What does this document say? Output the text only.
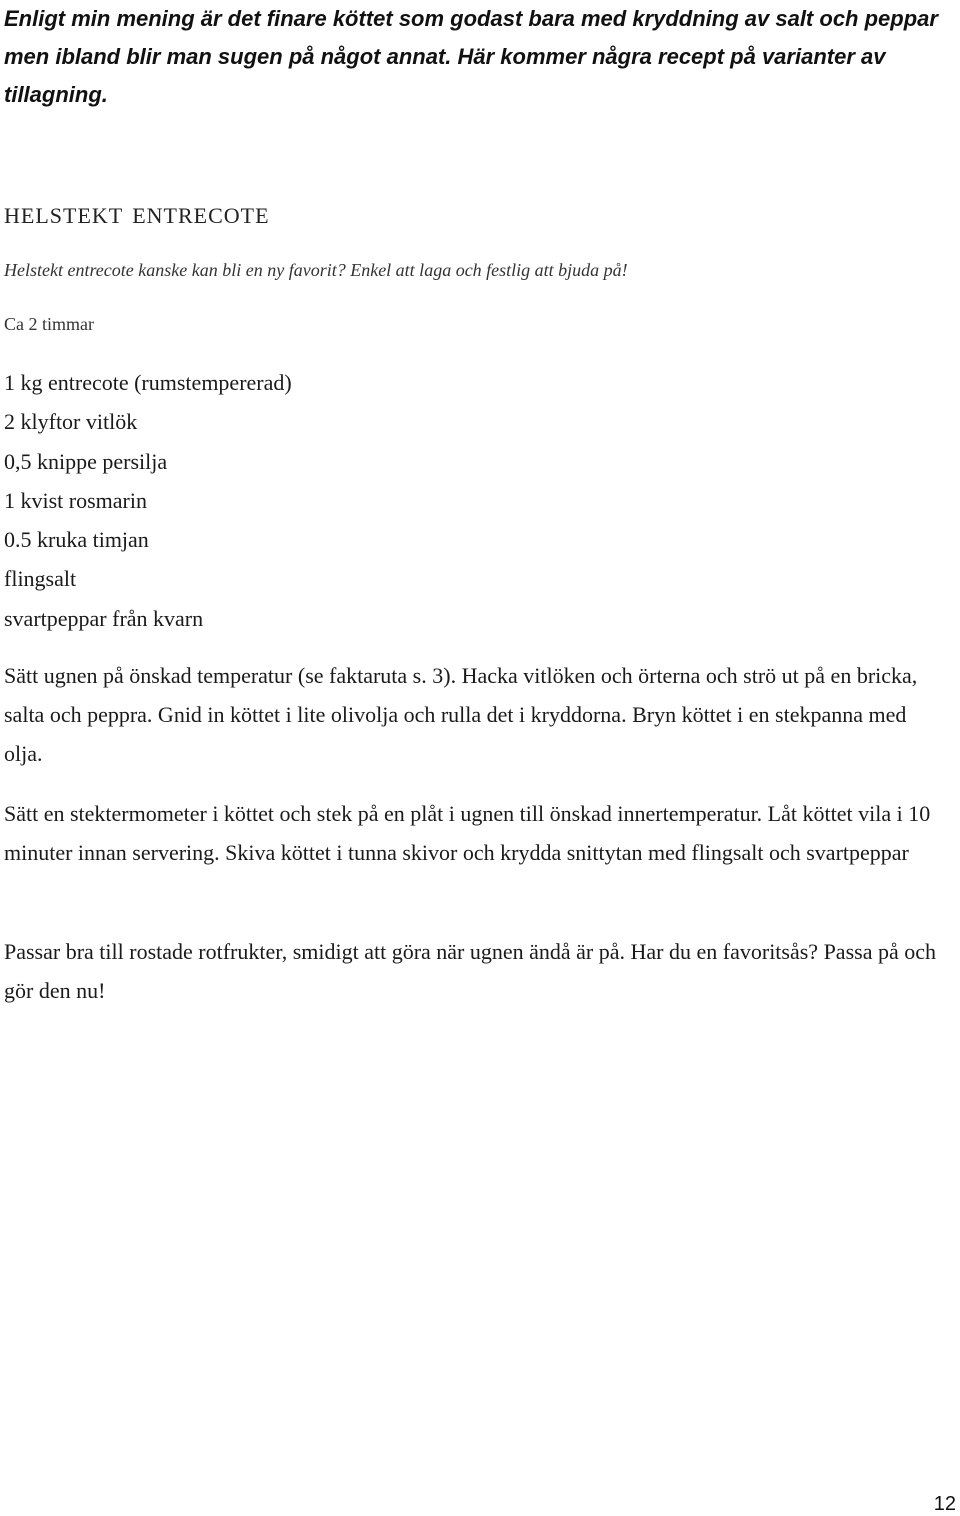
Enligt min mening är det finare köttet som godast bara med kryddning av salt och peppar men ibland blir man sugen på något annat. Här kommer några recept på varianter av tillagning.

helstekt entrecote

Helstekt entrecote kanske kan bli en ny favorit? Enkel att laga och festlig att bjuda på!

Ca 2 timmar

1 kg entrecote (rumstempererad)
2 klyftor vitlök
0,5 knippe persilja
1 kvist rosmarin
0.5 kruka timjan
flingsalt
svartpeppar från kvarn

Sätt ugnen på önskad temperatur (se faktaruta s. 3). Hacka vitlöken och örterna och strö ut på en bricka, salta och peppra. Gnid in köttet i lite olivolja och rulla det i kryddorna. Bryn köttet i en stekpanna med olja.

Sätt en stektermometer i köttet och stek på en plåt i ugnen till önskad innertemperatur. Låt köttet vila i 10 minuter innan servering. Skiva köttet i tunna skivor och krydda snittytan med flingsalt och svartpeppar

Passar bra till rostade rotfrukter, smidigt att göra när ugnen ändå är på. Har du en favoritsås? Passa på och gör den nu!

12
